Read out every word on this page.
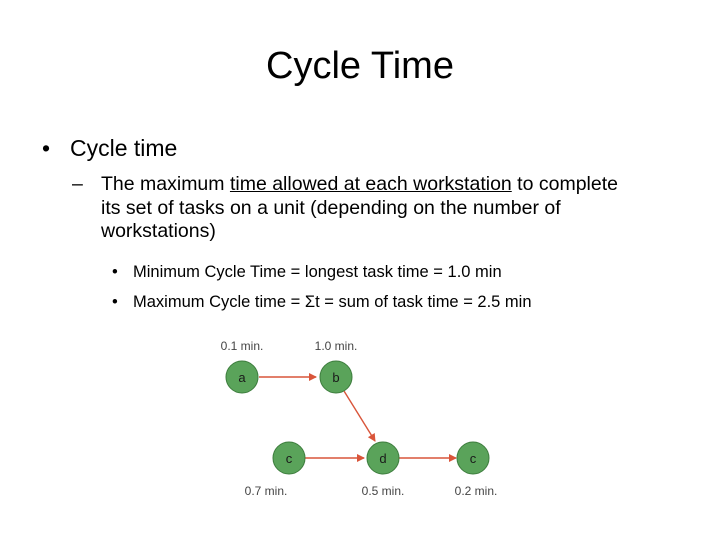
Cycle Time
• Cycle time
– The maximum time allowed at each workstation to complete its set of tasks on a unit (depending on the number of workstations)
• Minimum Cycle Time = longest task time = 1.0 min
• Maximum Cycle time = Σt = sum of task time = 2.5 min
a
0.1 min.
b
1.0 min.
c
0.7 min.
d
0.5 min.
c
0.2 min.
